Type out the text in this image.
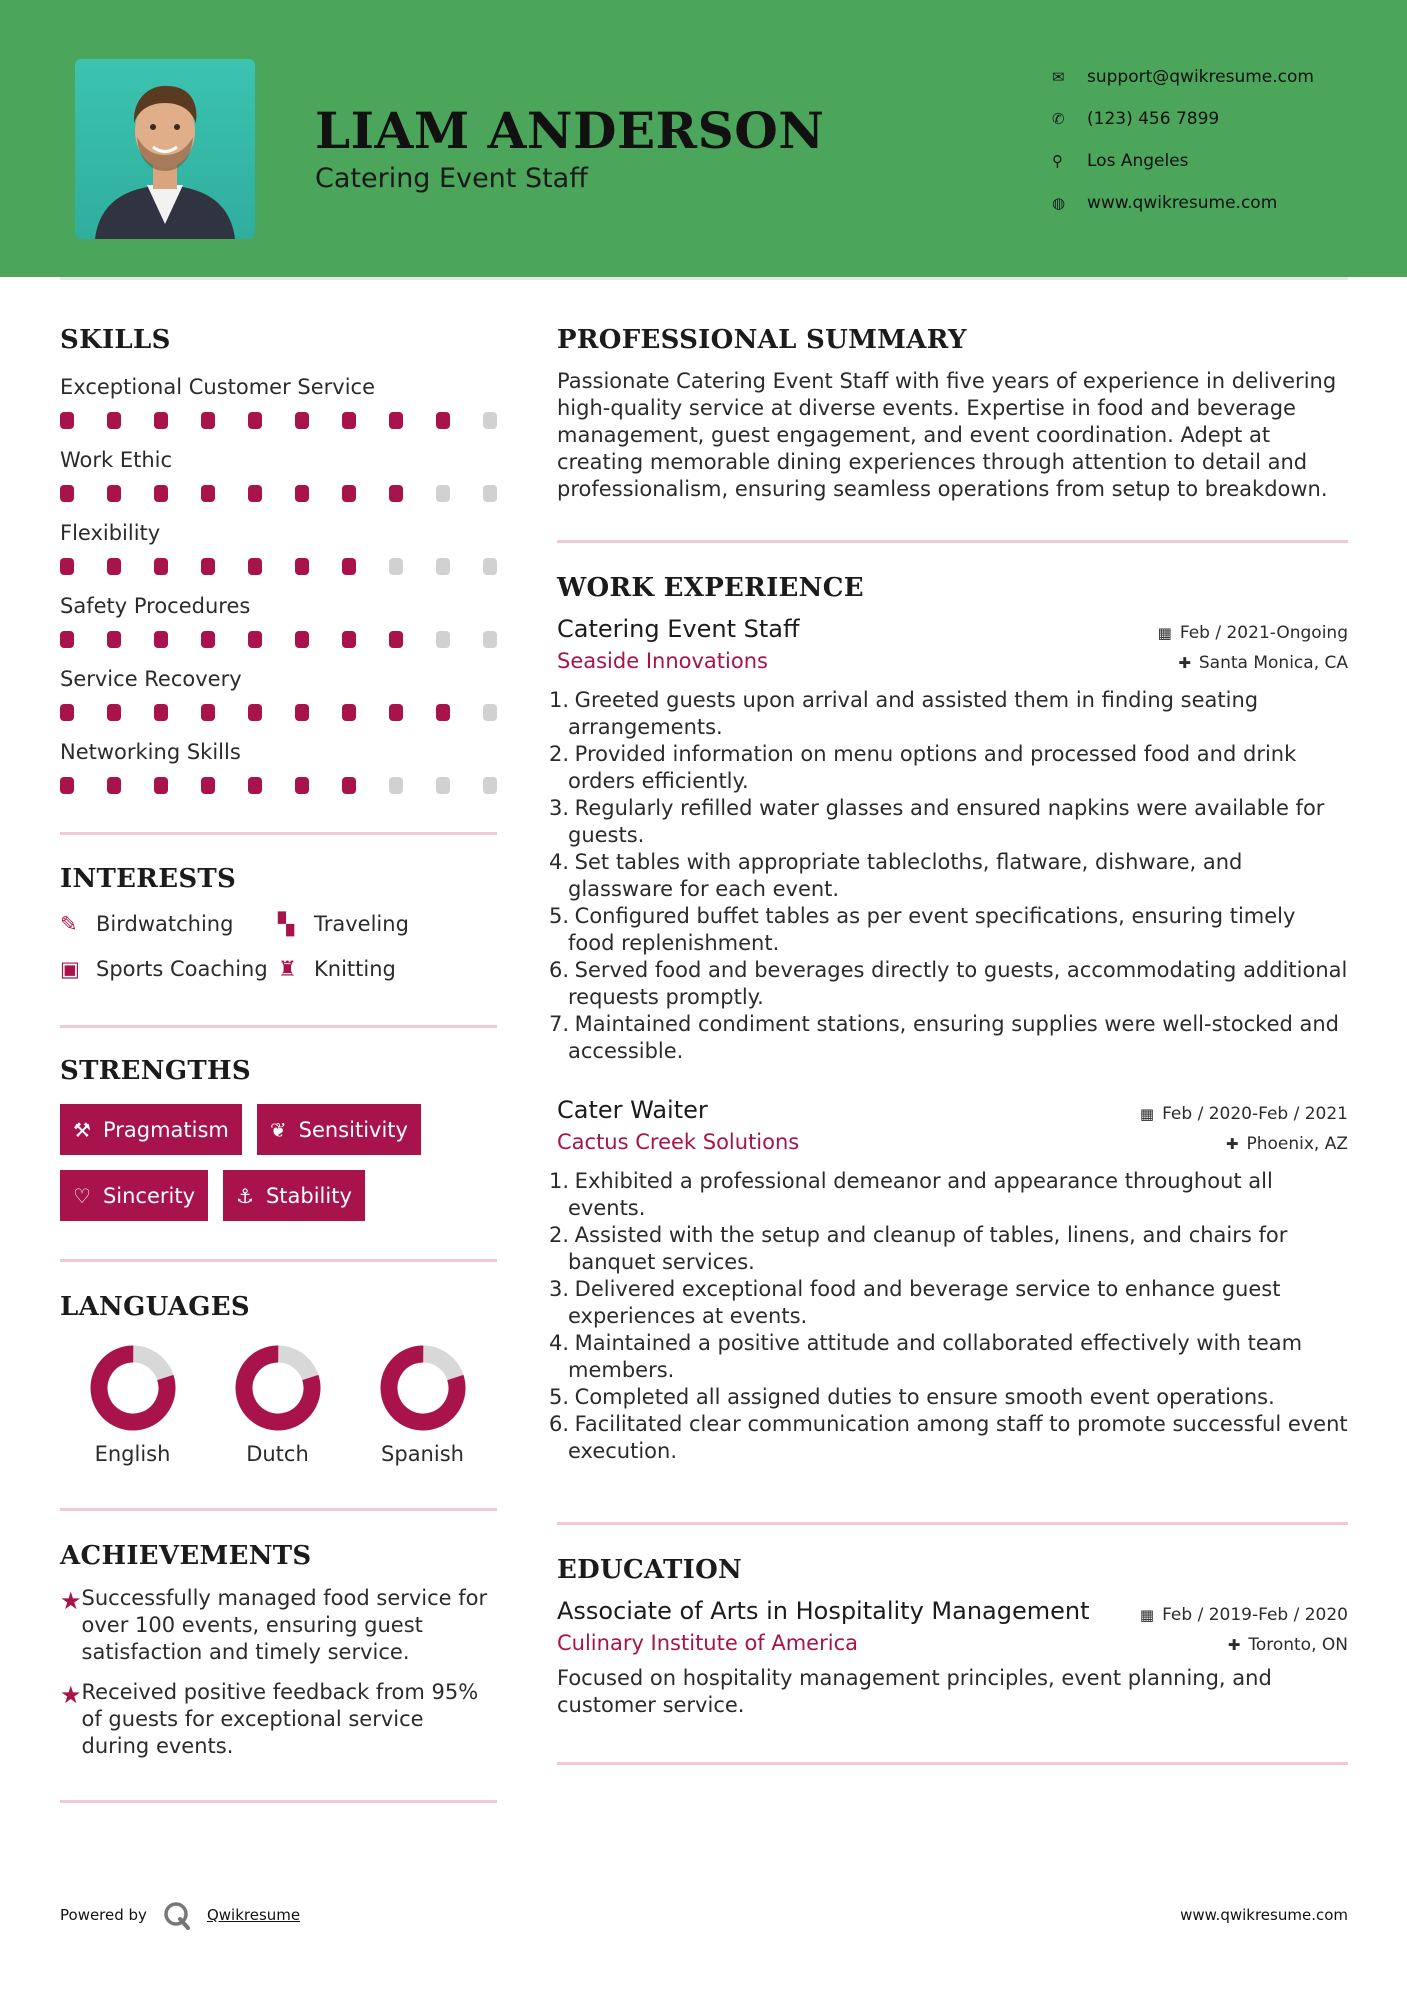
LIAM ANDERSON
Catering Event Staff
✉	support@qwikresume.com
✆	(123) 456 7899
⚲	Los Angeles
◍	www.qwikresume.com
SKILLS
Exceptional Customer Service
Work Ethic
Flexibility
Safety Procedures
Service Recovery
Networking Skills
INTERESTS
✎ Birdwatching ▚ Traveling
▣ Sports Coaching ♜ Knitting
STRENGTHS
⚒ Pragmatism ❦ Sensitivity
♡ Sincerity ⚓ Stability
LANGUAGES
English	Dutch	Spanish
ACHIEVEMENTS
★ Successfully managed food service for over 100 events, ensuring guest satisfaction and timely service.
★ Received positive feedback from 95% of guests for exceptional service during events.
PROFESSIONAL SUMMARY
Passionate Catering Event Staff with five years of experience in delivering high-quality service at diverse events. Expertise in food and beverage management, guest engagement, and event coordination. Adept at creating memorable dining experiences through attention to detail and professionalism, ensuring seamless operations from setup to breakdown.
WORK EXPERIENCE
Catering Event Staff	▦ Feb / 2021-Ongoing
Seaside Innovations	✚ Santa Monica, CA
1.
Greeted guests upon arrival and assisted them in finding seating arrangements.
2.
Provided information on menu options and processed food and drink orders efficiently.
3.
Regularly refilled water glasses and ensured napkins were available for guests.
4.
Set tables with appropriate tablecloths, flatware, dishware, and glassware for each event.
5.
Configured buffet tables as per event specifications, ensuring timely food replenishment.
6.
Served food and beverages directly to guests, accommodating additional requests promptly.
7.
Maintained condiment stations, ensuring supplies were well-stocked and accessible.
Cater Waiter	▦ Feb / 2020-Feb / 2021
Cactus Creek Solutions	✚ Phoenix, AZ
1.
Exhibited a professional demeanor and appearance throughout all events.
2.
Assisted with the setup and cleanup of tables, linens, and chairs for banquet services.
3.
Delivered exceptional food and beverage service to enhance guest experiences at events.
4.
Maintained a positive attitude and collaborated effectively with team members.
5.
Completed all assigned duties to ensure smooth event operations.
6.
Facilitated clear communication among staff to promote successful event execution.
EDUCATION
Associate of Arts in Hospitality Management	▦ Feb / 2019-Feb / 2020
Culinary Institute of America	✚ Toronto, ON
Focused on hospitality management principles, event planning, and customer service.
Powered by	Qwikresume	www.qwikresume.com
